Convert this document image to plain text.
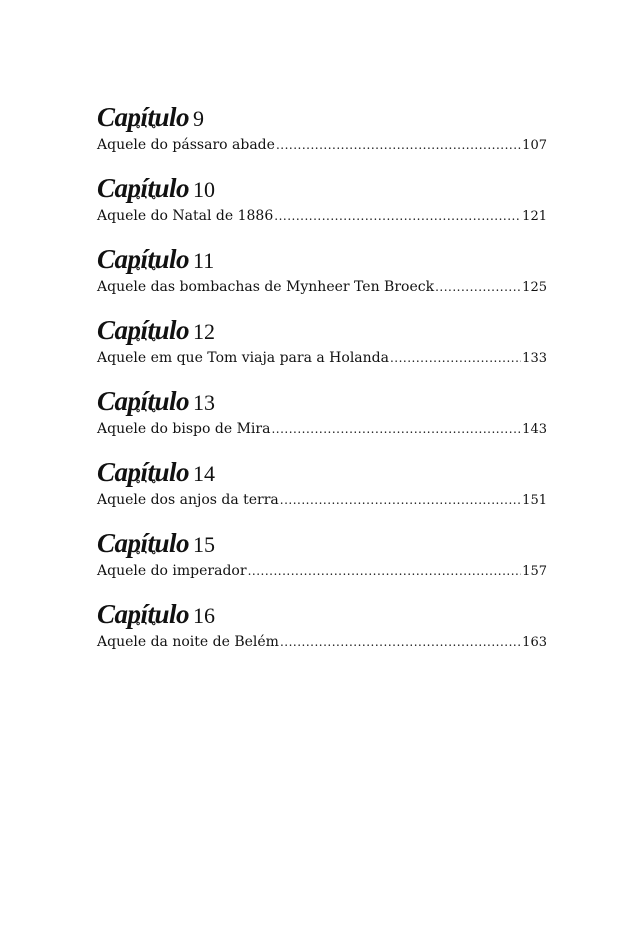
Capítulo ∘·∘ 9
Aquele do pássaro abade .....	107
Capítulo ∘·∘ 10
Aquele do Natal de 1886 .....	121
Capítulo ∘·∘ 11
Aquele das bombachas de Mynheer Ten Broeck .....	125
Capítulo ∘·∘ 12
Aquele em que Tom viaja para a Holanda .....	133
Capítulo ∘·∘ 13
Aquele do bispo de Mira .....	143
Capítulo ∘·∘ 14
Aquele dos anjos da terra .....	151
Capítulo ∘·∘ 15
Aquele do imperador .....	157
Capítulo ∘·∘ 16
Aquele da noite de Belém .....	163
